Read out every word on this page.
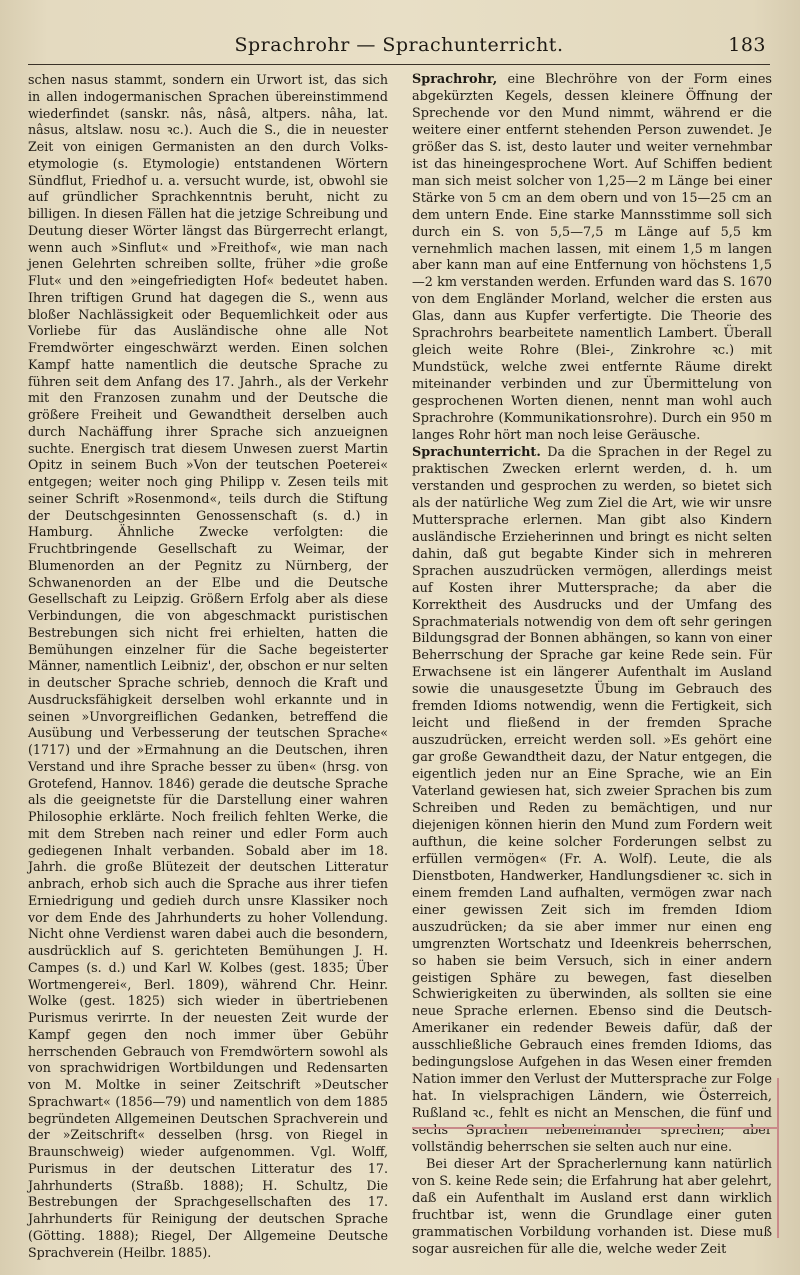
Sprachrohr — Sprachunterricht.	183

schen nasus stammt, sondern ein Urwort ist, das sich in allen indogermanischen Sprachen übereinstimmend wiederfindet (sanskr. nâs, nâsâ, altpers. nâha, lat. nâsus, altslaw. nosu ꝛc.). Auch die S., die in neuester Zeit von einigen Germanisten an den durch Volks-etymologie (s. Etymologie) entstandenen Wörtern Sündflut, Friedhof u. a. versucht wurde, ist, obwohl sie auf gründlicher Sprachkenntnis beruht, nicht zu billigen. In diesen Fällen hat die jetzige Schreibung und Deutung dieser Wörter längst das Bürgerrecht erlangt, wenn auch »Sinflut« und »Freithof«, wie man nach jenen Gelehrten schreiben sollte, früher »die große Flut« und den »eingefriedigten Hof« bedeutet haben. Ihren triftigen Grund hat dagegen die S., wenn aus bloßer Nachlässigkeit oder Bequemlichkeit oder aus Vorliebe für das Ausländische ohne alle Not Fremdwörter eingeschwärzt werden. Einen solchen Kampf hatte namentlich die deutsche Sprache zu führen seit dem Anfang des 17. Jahrh., als der Verkehr mit den Franzosen zunahm und der Deutsche die größere Freiheit und Gewandtheit derselben auch durch Nachäffung ihrer Sprache sich anzueignen suchte. Energisch trat diesem Unwesen zuerst Martin Opitz in seinem Buch »Von der teutschen Poeterei« entgegen; weiter noch ging Philipp v. Zesen teils mit seiner Schrift »Rosenmond«, teils durch die Stiftung der Deutschgesinnten Genossenschaft (s. d.) in Hamburg. Ähnliche Zwecke verfolgten: die Fruchtbringende Gesellschaft zu Weimar, der Blumenorden an der Pegnitz zu Nürnberg, der Schwanenorden an der Elbe und die Deutsche Gesellschaft zu Leipzig. Größern Erfolg aber als diese Verbindungen, die von abgeschmackt puristischen Bestrebungen sich nicht frei erhielten, hatten die Bemühungen einzelner für die Sache begeisterter Männer, namentlich Leibniz', der, obschon er nur selten in deutscher Sprache schrieb, dennoch die Kraft und Ausdrucksfähigkeit derselben wohl erkannte und in seinen »Unvorgreiflichen Gedanken, betreffend die Ausübung und Verbesserung der teutschen Sprache« (1717) und der »Ermahnung an die Deutschen, ihren Verstand und ihre Sprache besser zu üben« (hrsg. von Grotefend, Hannov. 1846) gerade die deutsche Sprache als die geeignetste für die Darstellung einer wahren Philosophie erklärte. Noch freilich fehlten Werke, die mit dem Streben nach reiner und edler Form auch gediegenen Inhalt verbanden. Sobald aber im 18. Jahrh. die große Blütezeit der deutschen Litteratur anbrach, erhob sich auch die Sprache aus ihrer tiefen Erniedrigung und gedieh durch unsre Klassiker noch vor dem Ende des Jahrhunderts zu hoher Vollendung. Nicht ohne Verdienst waren dabei auch die besondern, ausdrücklich auf S. gerichteten Bemühungen J. H. Campes (s. d.) und Karl W. Kolbes (gest. 1835; Über Wortmengerei«, Berl. 1809), während Chr. Heinr. Wolke (gest. 1825) sich wieder in übertriebenen Purismus verirrte. In der neuesten Zeit wurde der Kampf gegen den noch immer über Gebühr herrschenden Gebrauch von Fremdwörtern sowohl als von sprachwidrigen Wortbildungen und Redensarten von M. Moltke in seiner Zeitschrift »Deutscher Sprachwart« (1856—79) und namentlich von dem 1885 begründeten Allgemeinen Deutschen Sprachverein und der »Zeitschrift« desselben (hrsg. von Riegel in Braunschweig) wieder aufgenommen. Vgl. Wolff, Purismus in der deutschen Litteratur des 17. Jahrhunderts (Straßb. 1888); H. Schultz, Die Bestrebungen der Sprachgesellschaften des 17. Jahrhunderts für Reinigung der deutschen Sprache (Götting. 1888); Riegel, Der Allgemeine Deutsche Sprachverein (Heilbr. 1885).

Sprachrohr, eine Blechröhre von der Form eines abgekürzten Kegels, dessen kleinere Öffnung der Sprechende vor den Mund nimmt, während er die weitere einer entfernt stehenden Person zuwendet. Je größer das S. ist, desto lauter und weiter vernehmbar ist das hineingesprochene Wort. Auf Schiffen bedient man sich meist solcher von 1,25—2 m Länge bei einer Stärke von 5 cm an dem obern und von 15—25 cm an dem untern Ende. Eine starke Mannsstimme soll sich durch ein S. von 5,5—7,5 m Länge auf 5,5 km vernehmlich machen lassen, mit einem 1,5 m langen aber kann man auf eine Entfernung von höchstens 1,5—2 km verstanden werden. Erfunden ward das S. 1670 von dem Engländer Morland, welcher die ersten aus Glas, dann aus Kupfer verfertigte. Die Theorie des Sprachrohrs bearbeitete namentlich Lambert. Überall gleich weite Rohre (Blei-, Zinkrohre ꝛc.) mit Mundstück, welche zwei entfernte Räume direkt miteinander verbinden und zur Übermittelung von gesprochenen Worten dienen, nennt man wohl auch Sprachrohre (Kommunikationsrohre). Durch ein 950 m langes Rohr hört man noch leise Geräusche.

Sprachunterricht. Da die Sprachen in der Regel zu praktischen Zwecken erlernt werden, d. h. um verstanden und gesprochen zu werden, so bietet sich als der natürliche Weg zum Ziel die Art, wie wir unsre Muttersprache erlernen. Man gibt also Kindern ausländische Erzieherinnen und bringt es nicht selten dahin, daß gut begabte Kinder sich in mehreren Sprachen auszudrücken vermögen, allerdings meist auf Kosten ihrer Muttersprache; da aber die Korrektheit des Ausdrucks und der Umfang des Sprachmaterials notwendig von dem oft sehr geringen Bildungsgrad der Bonnen abhängen, so kann von einer Beherrschung der Sprache gar keine Rede sein. Für Erwachsene ist ein längerer Aufenthalt im Ausland sowie die unausgesetzte Übung im Gebrauch des fremden Idioms notwendig, wenn die Fertigkeit, sich leicht und fließend in der fremden Sprache auszudrücken, erreicht werden soll. »Es gehört eine gar große Gewandtheit dazu, der Natur entgegen, die eigentlich jeden nur an Eine Sprache, wie an Ein Vaterland gewiesen hat, sich zweier Sprachen bis zum Schreiben und Reden zu bemächtigen, und nur diejenigen können hierin den Mund zum Fordern weit aufthun, die keine solcher Forderungen selbst zu erfüllen vermögen« (Fr. A. Wolf). Leute, die als Dienstboten, Handwerker, Handlungsdiener ꝛc. sich in einem fremden Land aufhalten, vermögen zwar nach einer gewissen Zeit sich im fremden Idiom auszudrücken; da sie aber immer nur einen eng umgrenzten Wortschatz und Ideenkreis beherrschen, so haben sie beim Versuch, sich in einer andern geistigen Sphäre zu bewegen, fast dieselben Schwierigkeiten zu überwinden, als sollten sie eine neue Sprache erlernen. Ebenso sind die Deutsch-Amerikaner ein redender Beweis dafür, daß der ausschließliche Gebrauch eines fremden Idioms, das bedingungslose Aufgehen in das Wesen einer fremden Nation immer den Verlust der Muttersprache zur Folge hat. In vielsprachigen Ländern, wie Österreich, Rußland ꝛc., fehlt es nicht an Menschen, die fünf und sechs Sprachen nebeneinander sprechen; aber vollständig beherrschen sie selten auch nur eine.

Bei dieser Art der Spracherlernung kann natürlich von S. keine Rede sein; die Erfahrung hat aber gelehrt, daß ein Aufenthalt im Ausland erst dann wirklich fruchtbar ist, wenn die Grundlage einer guten grammatischen Vorbildung vorhanden ist. Diese muß sogar ausreichen für alle die, welche weder Zeit
